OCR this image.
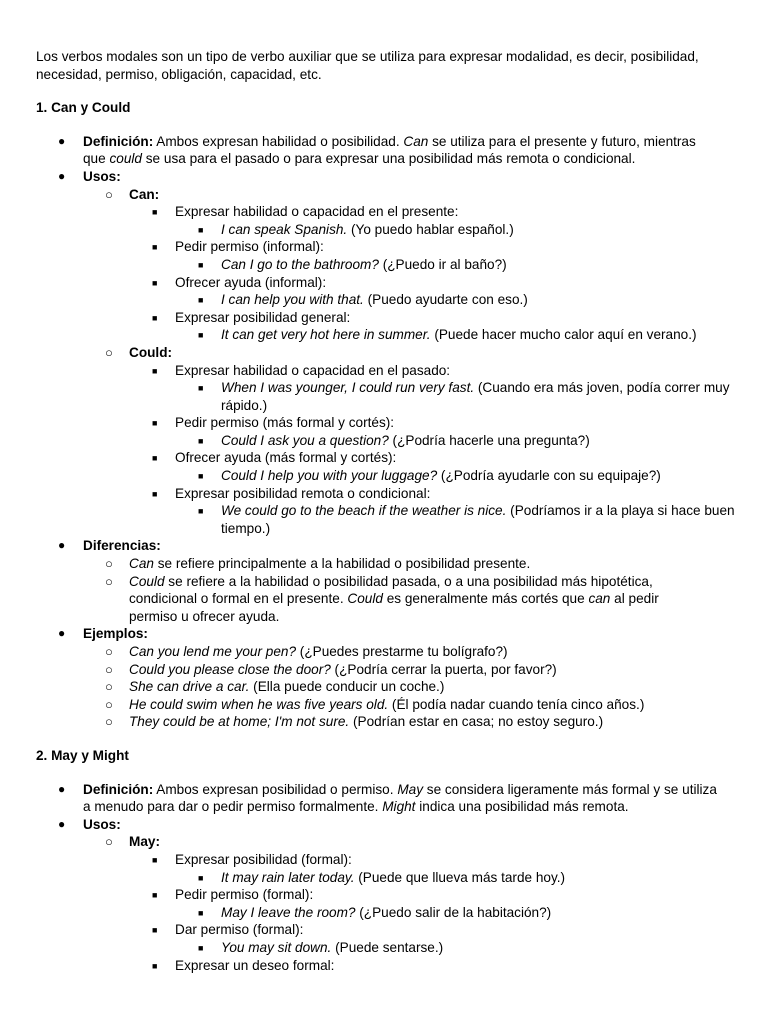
Los verbos modales son un tipo de verbo auxiliar que se utiliza para expresar modalidad, es decir, posibilidad, necesidad, permiso, obligación, capacidad, etc.

1. Can y Could
● Definición: Ambos expresan habilidad o posibilidad. Can se utiliza para el presente y futuro, mientras que could se usa para el pasado o para expresar una posibilidad más remota o condicional.
● Usos:
○ Can:
■ Expresar habilidad o capacidad en el presente:
■ I can speak Spanish. (Yo puedo hablar español.)
■ Pedir permiso (informal):
■ Can I go to the bathroom? (¿Puedo ir al baño?)
■ Ofrecer ayuda (informal):
■ I can help you with that. (Puedo ayudarte con eso.)
■ Expresar posibilidad general:
■ It can get very hot here in summer. (Puede hacer mucho calor aquí en verano.)
○ Could:
■ Expresar habilidad o capacidad en el pasado:
■ When I was younger, I could run very fast. (Cuando era más joven, podía correr muy rápido.)
■ Pedir permiso (más formal y cortés):
■ Could I ask you a question? (¿Podría hacerle una pregunta?)
■ Ofrecer ayuda (más formal y cortés):
■ Could I help you with your luggage? (¿Podría ayudarle con su equipaje?)
■ Expresar posibilidad remota o condicional:
■ We could go to the beach if the weather is nice. (Podríamos ir a la playa si hace buen tiempo.)
● Diferencias:
○ Can se refiere principalmente a la habilidad o posibilidad presente.
○ Could se refiere a la habilidad o posibilidad pasada, o a una posibilidad más hipotética, condicional o formal en el presente. Could es generalmente más cortés que can al pedir permiso u ofrecer ayuda.
● Ejemplos:
○ Can you lend me your pen? (¿Puedes prestarme tu bolígrafo?)
○ Could you please close the door? (¿Podría cerrar la puerta, por favor?)
○ She can drive a car. (Ella puede conducir un coche.)
○ He could swim when he was five years old. (Él podía nadar cuando tenía cinco años.)
○ They could be at home; I'm not sure. (Podrían estar en casa; no estoy seguro.)
2. May y Might
● Definición: Ambos expresan posibilidad o permiso. May se considera ligeramente más formal y se utiliza a menudo para dar o pedir permiso formalmente. Might indica una posibilidad más remota.
● Usos:
○ May:
■ Expresar posibilidad (formal):
■ It may rain later today. (Puede que llueva más tarde hoy.)
■ Pedir permiso (formal):
■ May I leave the room? (¿Puedo salir de la habitación?)
■ Dar permiso (formal):
■ You may sit down. (Puede sentarse.)
■ Expresar un deseo formal:
